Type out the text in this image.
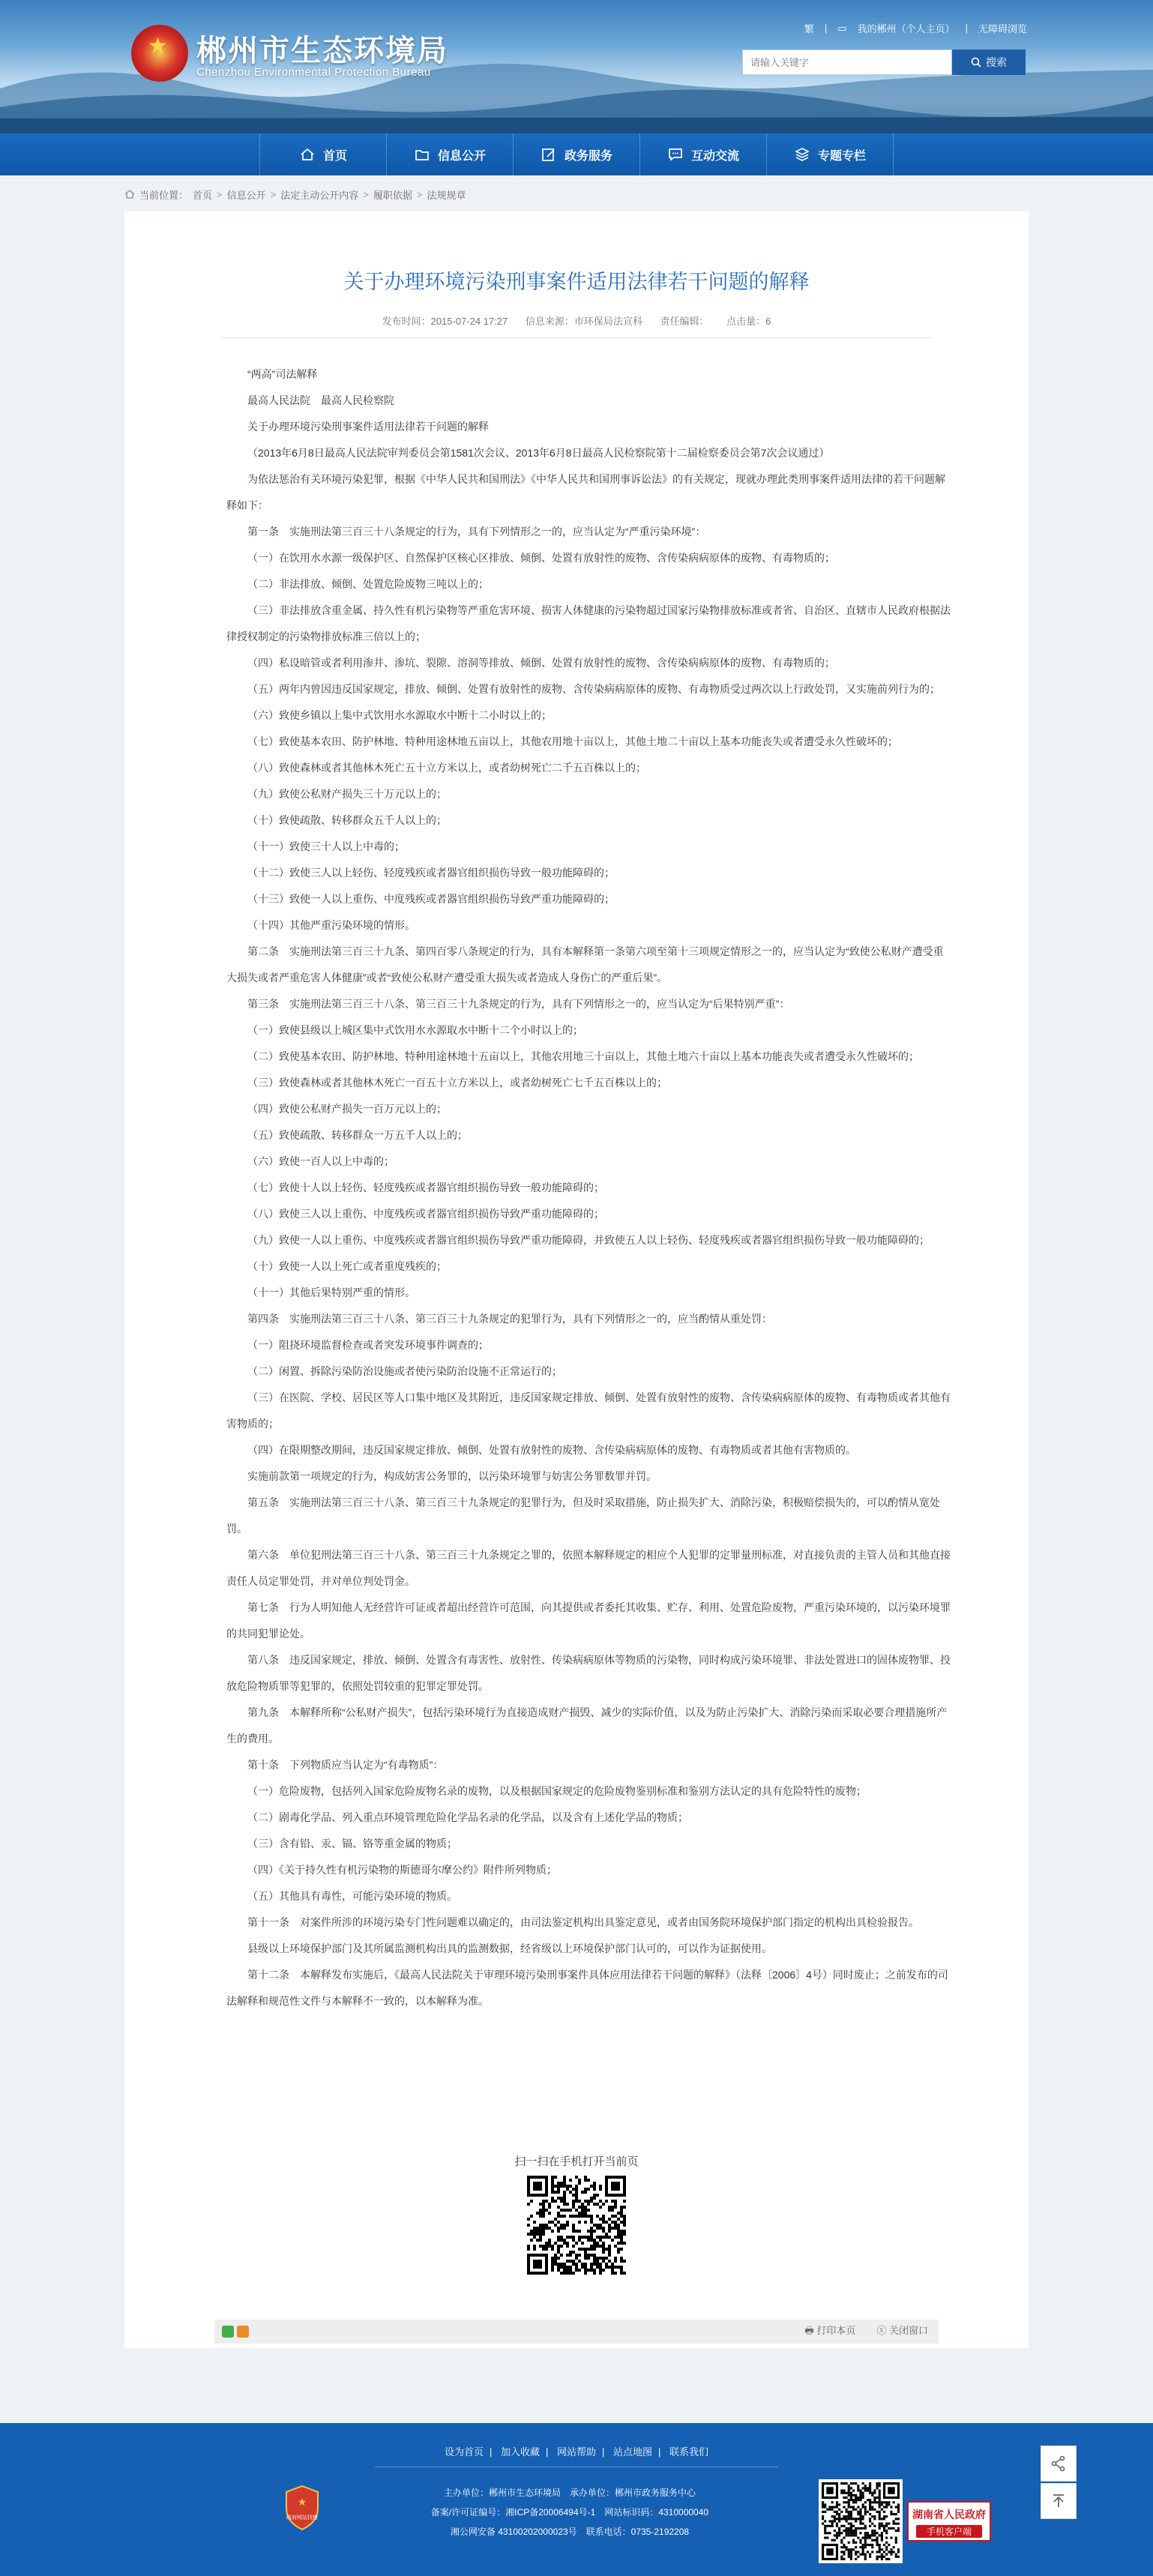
★ 郴州市生态环境局
Chenzhou Environmental Protection Bureau
繁 | ▭ 我的郴州（个人主页） | 无障碍浏览
请输入关键字
搜索
首页	信息公开	政务服务	互动交流	专题专栏
当前位置： 首页 > 信息公开 > 法定主动公开内容 > 履职依据 > 法规规章
关于办理环境污染刑事案件适用法律若干问题的解释
发布时间：2015-07-24 17:27 信息来源：市环保局法宣科 责任编辑： 点击量：6

“两高”司法解释

最高人民法院　最高人民检察院

关于办理环境污染刑事案件适用法律若干问题的解释

（2013年6月8日最高人民法院审判委员会第1581次会议、2013年6月8日最高人民检察院第十二届检察委员会第7次会议通过）

为依法惩治有关环境污染犯罪，根据《中华人民共和国刑法》《中华人民共和国刑事诉讼法》的有关规定，现就办理此类刑事案件适用法律的若干问题解释如下：

第一条　实施刑法第三百三十八条规定的行为，具有下列情形之一的，应当认定为“严重污染环境”：

（一）在饮用水水源一级保护区、自然保护区核心区排放、倾倒、处置有放射性的废物、含传染病病原体的废物、有毒物质的；

（二）非法排放、倾倒、处置危险废物三吨以上的；

（三）非法排放含重金属、持久性有机污染物等严重危害环境、损害人体健康的污染物超过国家污染物排放标准或者省、自治区、直辖市人民政府根据法律授权制定的污染物排放标准三倍以上的；

（四）私设暗管或者利用渗井、渗坑、裂隙、溶洞等排放、倾倒、处置有放射性的废物、含传染病病原体的废物、有毒物质的；

（五）两年内曾因违反国家规定，排放、倾倒、处置有放射性的废物、含传染病病原体的废物、有毒物质受过两次以上行政处罚，又实施前列行为的；

（六）致使乡镇以上集中式饮用水水源取水中断十二小时以上的；

（七）致使基本农田、防护林地、特种用途林地五亩以上，其他农用地十亩以上，其他土地二十亩以上基本功能丧失或者遭受永久性破坏的；

（八）致使森林或者其他林木死亡五十立方米以上，或者幼树死亡二千五百株以上的；

（九）致使公私财产损失三十万元以上的；

（十）致使疏散、转移群众五千人以上的；

（十一）致使三十人以上中毒的；

（十二）致使三人以上轻伤、轻度残疾或者器官组织损伤导致一般功能障碍的；

（十三）致使一人以上重伤、中度残疾或者器官组织损伤导致严重功能障碍的；

（十四）其他严重污染环境的情形。

第二条　实施刑法第三百三十九条、第四百零八条规定的行为，具有本解释第一条第六项至第十三项规定情形之一的，应当认定为“致使公私财产遭受重大损失或者严重危害人体健康”或者“致使公私财产遭受重大损失或者造成人身伤亡的严重后果”。

第三条　实施刑法第三百三十八条、第三百三十九条规定的行为，具有下列情形之一的，应当认定为“后果特别严重”：

（一）致使县级以上城区集中式饮用水水源取水中断十二个小时以上的；

（二）致使基本农田、防护林地、特种用途林地十五亩以上，其他农用地三十亩以上，其他土地六十亩以上基本功能丧失或者遭受永久性破坏的；

（三）致使森林或者其他林木死亡一百五十立方米以上，或者幼树死亡七千五百株以上的；

（四）致使公私财产损失一百万元以上的；

（五）致使疏散、转移群众一万五千人以上的；

（六）致使一百人以上中毒的；

（七）致使十人以上轻伤、轻度残疾或者器官组织损伤导致一般功能障碍的；

（八）致使三人以上重伤、中度残疾或者器官组织损伤导致严重功能障碍的；

（九）致使一人以上重伤、中度残疾或者器官组织损伤导致严重功能障碍，并致使五人以上轻伤、轻度残疾或者器官组织损伤导致一般功能障碍的；

（十）致使一人以上死亡或者重度残疾的；

（十一）其他后果特别严重的情形。

第四条　实施刑法第三百三十八条、第三百三十九条规定的犯罪行为，具有下列情形之一的，应当酌情从重处罚：

（一）阻挠环境监督检查或者突发环境事件调查的；

（二）闲置、拆除污染防治设施或者使污染防治设施不正常运行的；

（三）在医院、学校、居民区等人口集中地区及其附近，违反国家规定排放、倾倒、处置有放射性的废物、含传染病病原体的废物、有毒物质或者其他有害物质的；

（四）在限期整改期间，违反国家规定排放、倾倒、处置有放射性的废物、含传染病病原体的废物、有毒物质或者其他有害物质的。

实施前款第一项规定的行为，构成妨害公务罪的，以污染环境罪与妨害公务罪数罪并罚。

第五条　实施刑法第三百三十八条、第三百三十九条规定的犯罪行为，但及时采取措施，防止损失扩大、消除污染，积极赔偿损失的，可以酌情从宽处罚。

第六条　单位犯刑法第三百三十八条、第三百三十九条规定之罪的，依照本解释规定的相应个人犯罪的定罪量刑标准，对直接负责的主管人员和其他直接责任人员定罪处罚，并对单位判处罚金。

第七条　行为人明知他人无经营许可证或者超出经营许可范围，向其提供或者委托其收集、贮存、利用、处置危险废物，严重污染环境的，以污染环境罪的共同犯罪论处。

第八条　违反国家规定，排放、倾倒、处置含有毒害性、放射性、传染病病原体等物质的污染物，同时构成污染环境罪、非法处置进口的固体废物罪、投放危险物质罪等犯罪的，依照处罚较重的犯罪定罪处罚。

第九条　本解释所称“公私财产损失”，包括污染环境行为直接造成财产损毁、减少的实际价值，以及为防止污染扩大、消除污染而采取必要合理措施所产生的费用。

第十条　下列物质应当认定为“有毒物质”：

（一）危险废物，包括列入国家危险废物名录的废物，以及根据国家规定的危险废物鉴别标准和鉴别方法认定的具有危险特性的废物；

（二）剧毒化学品、列入重点环境管理危险化学品名录的化学品，以及含有上述化学品的物质；

（三）含有铅、汞、镉、铬等重金属的物质；

（四）《关于持久性有机污染物的斯德哥尔摩公约》附件所列物质；

（五）其他具有毒性，可能污染环境的物质。

第十一条　对案件所涉的环境污染专门性问题难以确定的，由司法鉴定机构出具鉴定意见，或者由国务院环境保护部门指定的机构出具检验报告。

县级以上环境保护部门及其所属监测机构出具的监测数据，经省级以上环境保护部门认可的，可以作为证据使用。

第十二条　本解释发布实施后，《最高人民法院关于审理环境污染刑事案件具体应用法律若干问题的解释》（法释〔2006〕4号）同时废止；之前发布的司法解释和规范性文件与本解释不一致的，以本解释为准。

扫一扫在手机打开当前页
🖶 打印本页 ⓧ 关闭窗口
设为首页 | 加入收藏 | 网站帮助 | 站点地图 | 联系我们
★
政府网站找错
主办单位：郴州市生态环境局　承办单位：郴州市政务服务中心
备案/许可证编号：湘ICP备20006494号-1　网站标识码：4310000040
湘公网安备 43100202000023号　联系电话：0735-2192208
湖南省人民政府
手机客户端
